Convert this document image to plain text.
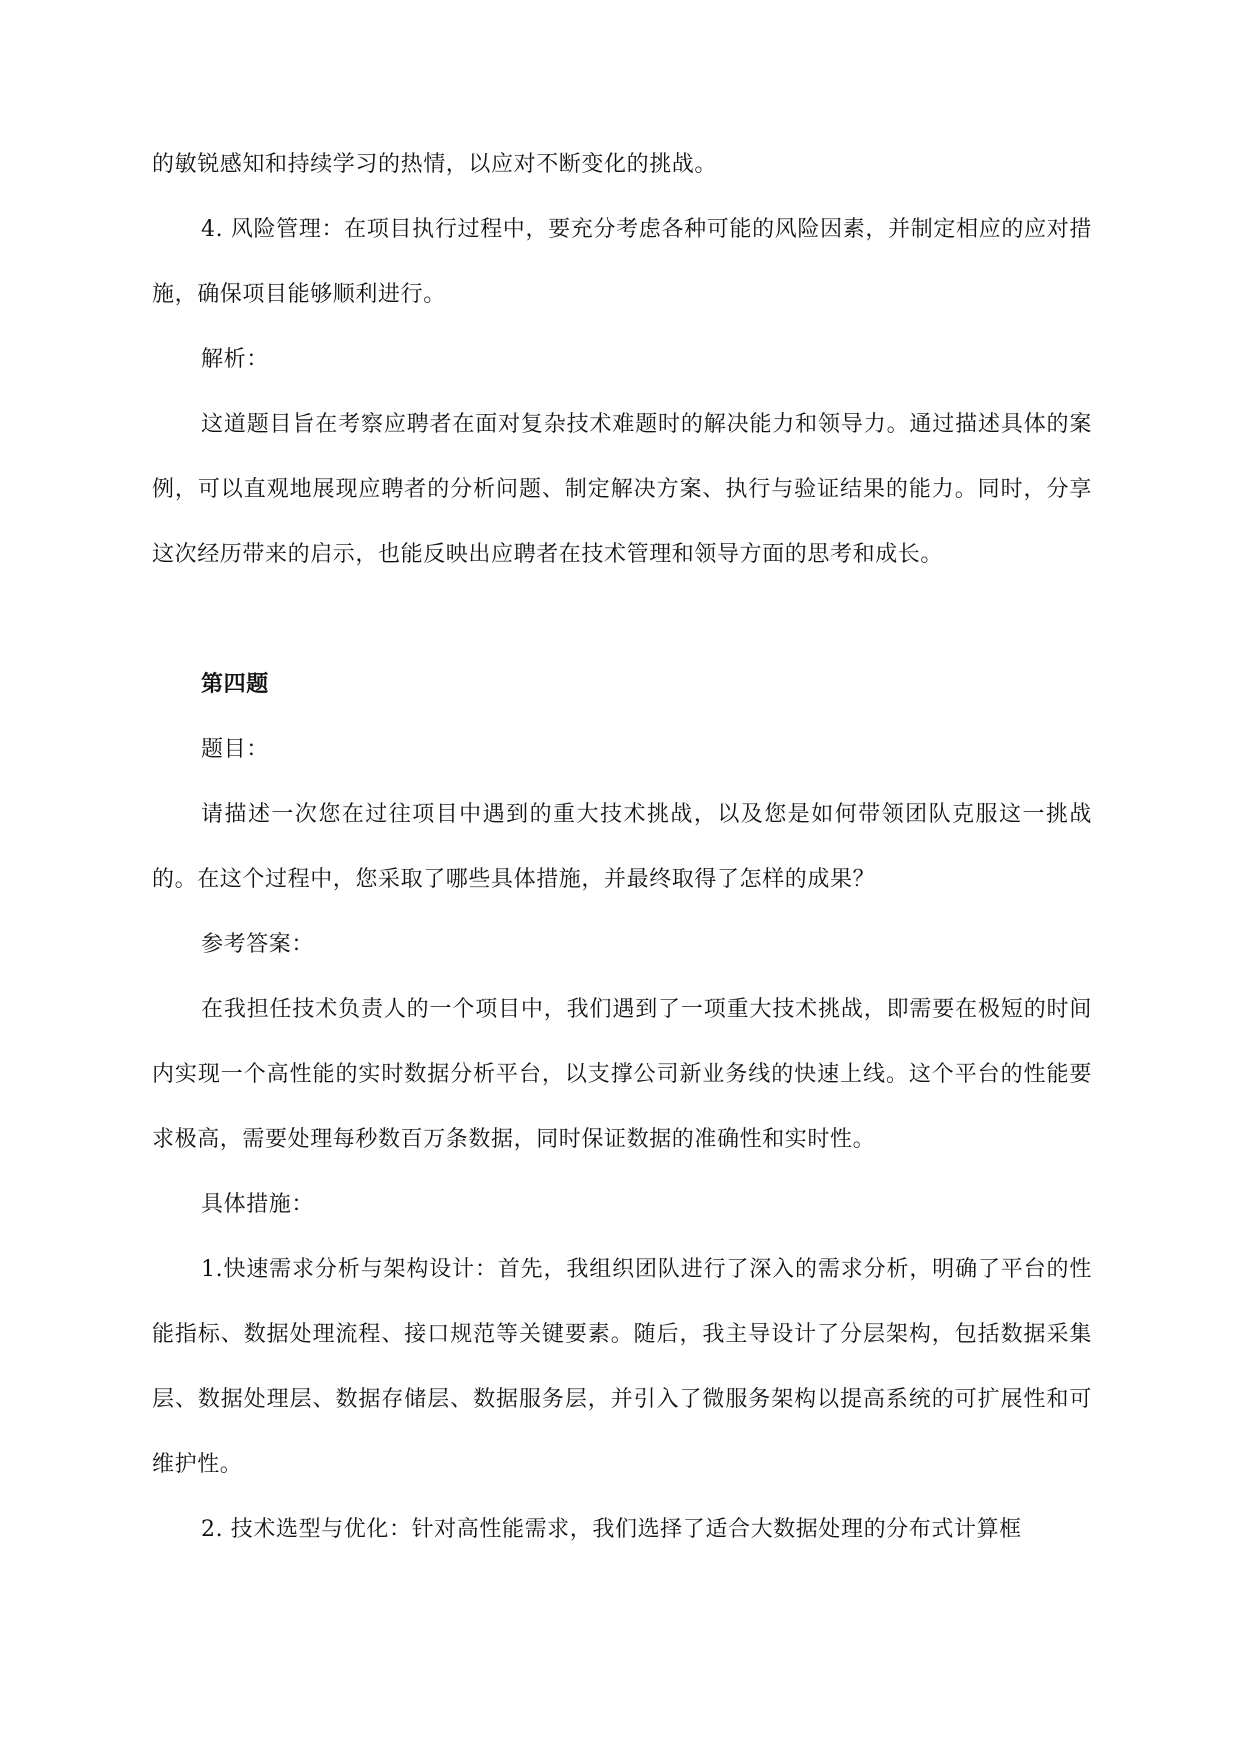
的敏锐感知和持续学习的热情，以应对不断变化的挑战。

4. 风险管理：在项目执行过程中，要充分考虑各种可能的风险因素，并制定相应的应对措施，确保项目能够顺利进行。

解析：

这道题目旨在考察应聘者在面对复杂技术难题时的解决能力和领导力。通过描述具体的案例，可以直观地展现应聘者的分析问题、制定解决方案、执行与验证结果的能力。同时，分享这次经历带来的启示，也能反映出应聘者在技术管理和领导方面的思考和成长。

第四题

题目：

请描述一次您在过往项目中遇到的重大技术挑战，以及您是如何带领团队克服这一挑战的。在这个过程中，您采取了哪些具体措施，并最终取得了怎样的成果？

参考答案：

在我担任技术负责人的一个项目中，我们遇到了一项重大技术挑战，即需要在极短的时间内实现一个高性能的实时数据分析平台，以支撑公司新业务线的快速上线。这个平台的性能要求极高，需要处理每秒数百万条数据，同时保证数据的准确性和实时性。

具体措施：

1.快速需求分析与架构设计：首先，我组织团队进行了深入的需求分析，明确了平台的性能指标、数据处理流程、接口规范等关键要素。随后，我主导设计了分层架构，包括数据采集层、数据处理层、数据存储层、数据服务层，并引入了微服务架构以提高系统的可扩展性和可维护性。

2. 技术选型与优化：针对高性能需求，我们选择了适合大数据处理的分布式计算框
